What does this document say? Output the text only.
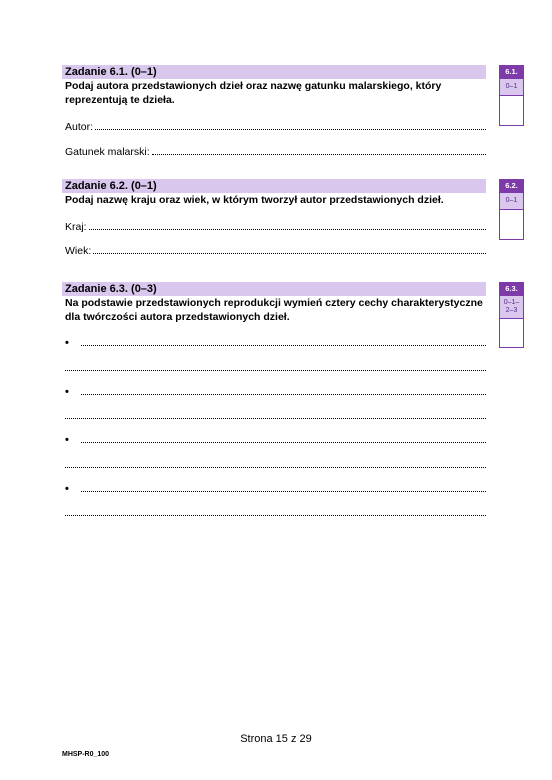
Zadanie 6.1. (0–1)
Podaj autora przedstawionych dzieł oraz nazwę gatunku malarskiego, który reprezentują te dzieła.
Autor:
Gatunek malarski:
6.1.
0–1
Zadanie 6.2. (0–1)
Podaj nazwę kraju oraz wiek, w którym tworzył autor przedstawionych dzieł.
Kraj:
Wiek:
6.2.
0–1
Zadanie 6.3. (0–3)
Na podstawie przedstawionych reprodukcji wymień cztery cechy charakterystyczne dla twórczości autora przedstawionych dzieł.
6.3.
0–1–
2–3
•
•
•
•
Strona 15 z 29
MHSP-R0_100
